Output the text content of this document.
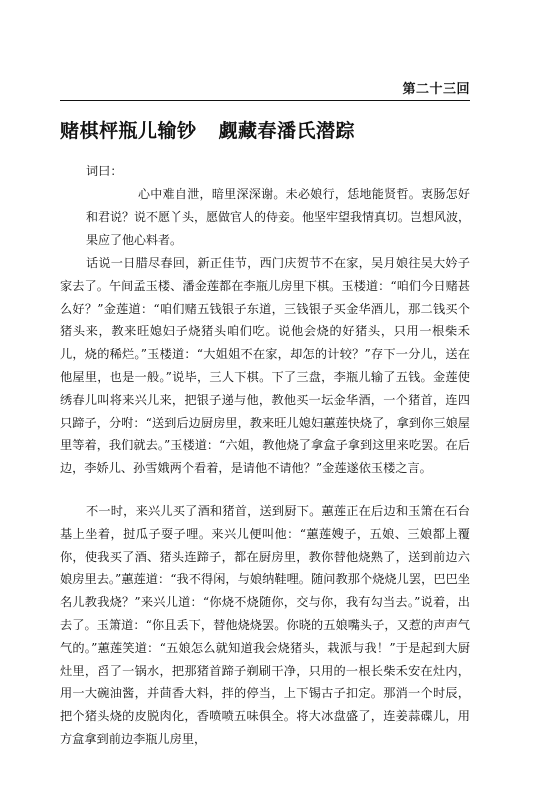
第二十三回
赌棋枰瓶儿输钞 觑藏春潘氏潜踪
词曰：
心中难自泄，暗里深深谢。未必娘行，恁地能贤哲。衷肠怎好和君说？说不愿丫头，愿做官人的侍妾。他坚牢望我情真切。岂想风波，果应了他心料者。
话说一日腊尽春回，新正佳节，西门庆贺节不在家，吴月娘往吴大妗子家去了。午间孟玉楼、潘金莲都在李瓶儿房里下棋。玉楼道：“咱们今日赌甚么好？”金莲道：“咱们赌五钱银子东道，三钱银子买金华酒儿，那二钱买个猪头来，教来旺媳妇子烧猪头咱们吃。说他会烧的好猪头，只用一根柴禾儿，烧的稀烂。”玉楼道：“大姐姐不在家，却怎的计较？”存下一分儿，送在他屋里，也是一般。”说毕，三人下棋。下了三盘，李瓶儿输了五钱。金莲使绣春儿叫将来兴儿来，把银子递与他，教他买一坛金华酒，一个猪首，连四只蹄子，分咐：“送到后边厨房里，教来旺儿媳妇蕙莲快烧了，拿到你三娘屋里等着，我们就去。”玉楼道：“六姐，教他烧了拿盒子拿到这里来吃罢。在后边，李娇儿、孙雪娥两个看着，是请他不请他？”金莲遂依玉楼之言。
不一时，来兴儿买了酒和猪首，送到厨下。蕙莲正在后边和玉箫在石台基上坐着，挝瓜子耍子哩。来兴儿便叫他：“蕙莲嫂子，五娘、三娘都上覆你，使我买了酒、猪头连蹄子，都在厨房里，教你替他烧熟了，送到前边六娘房里去。”蕙莲道：“我不得闲，与娘纳鞋哩。随问教那个烧烧儿罢，巴巴坐名儿教我烧？”来兴儿道：“你烧不烧随你，交与你，我有勾当去。”说着，出去了。玉箫道：“你且丢下，替他烧烧罢。你晓的五娘嘴头子，又惹的声声气气的。”蕙莲笑道：“五娘怎么就知道我会烧猪头，栽派与我！”于是起到大厨灶里，舀了一锅水，把那猪首蹄子剃刷干净，只用的一根长柴禾安在灶内，用一大碗油酱，并茴香大料，拌的停当，上下锡古子扣定。那消一个时辰，把个猪头烧的皮脱肉化，香喷喷五味俱全。将大冰盘盛了，连姜蒜碟儿，用方盒拿到前边李瓶儿房里，
